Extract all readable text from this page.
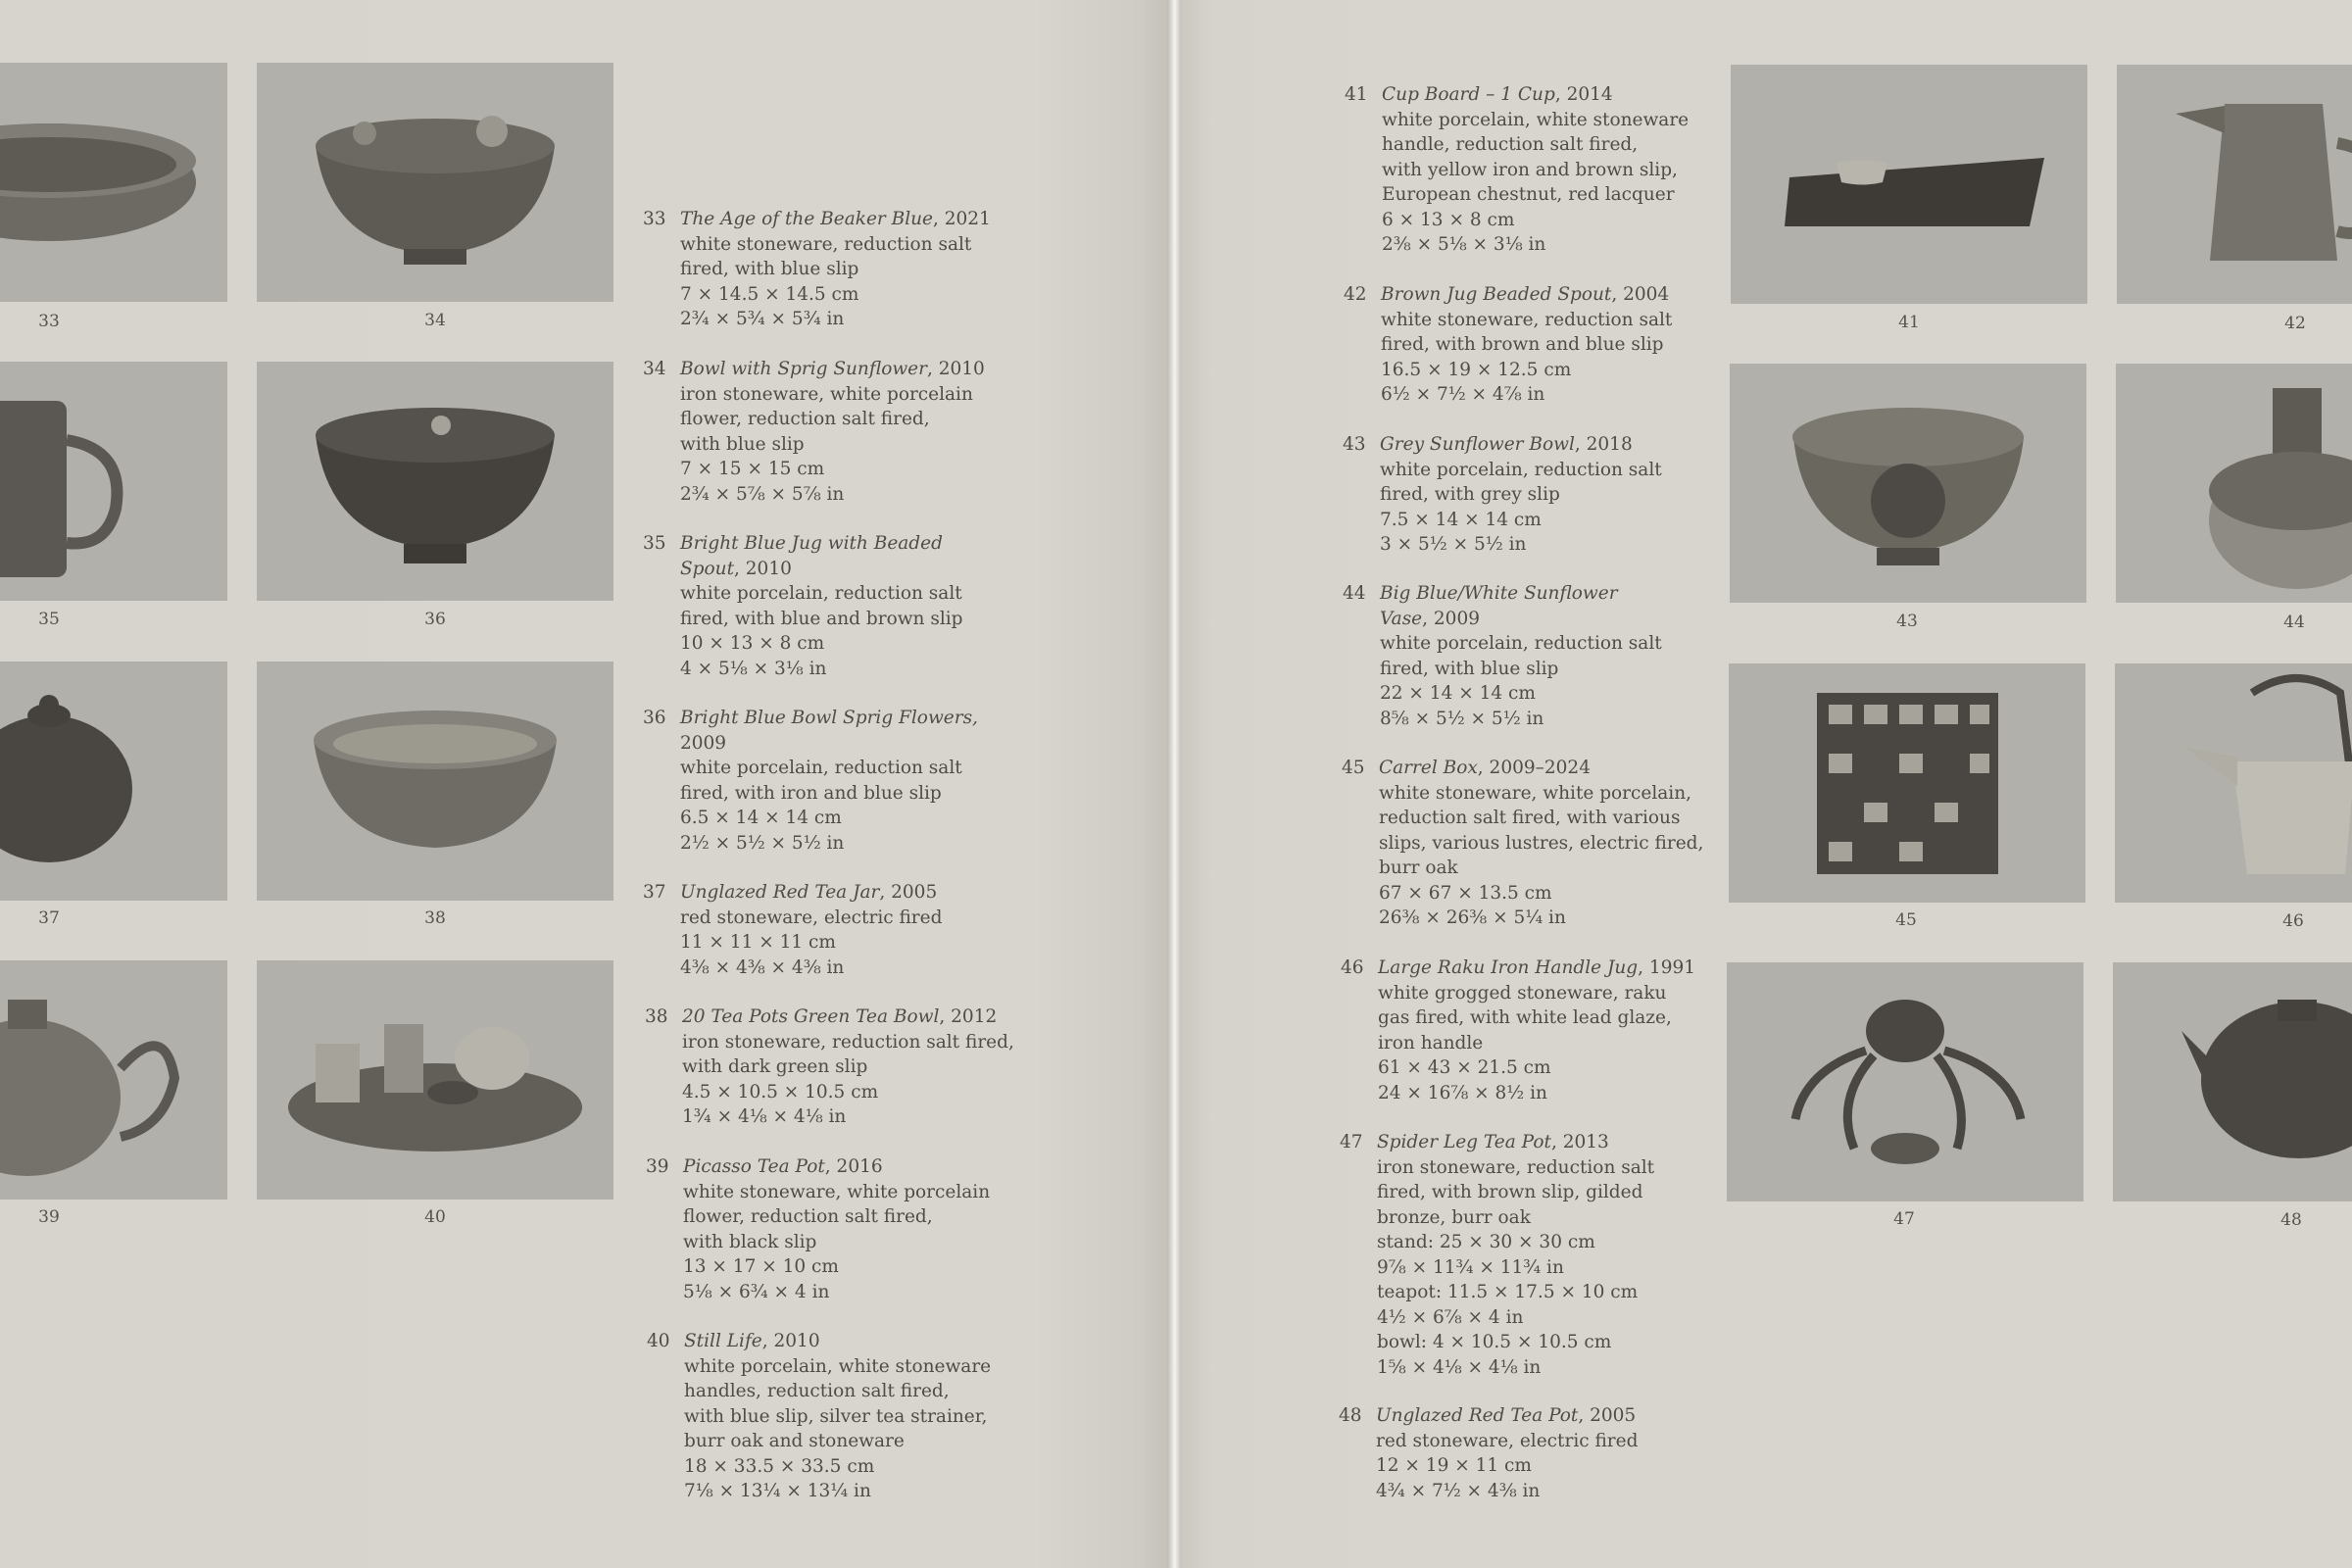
33	34
35	36
37	38
39	40
33 The Age of the Beaker Blue, 2021
white stoneware, reduction salt
fired, with blue slip
7 × 14.5 × 14.5 cm
2¾ × 5¾ × 5¾ in
34 Bowl with Sprig Sunflower, 2010
iron stoneware, white porcelain
flower, reduction salt fired,
with blue slip
7 × 15 × 15 cm
2¾ × 5⅞ × 5⅞ in
35 Bright Blue Jug with Beaded
Spout, 2010
white porcelain, reduction salt
fired, with blue and brown slip
10 × 13 × 8 cm
4 × 5⅛ × 3⅛ in
36 Bright Blue Bowl Sprig Flowers,
2009
white porcelain, reduction salt
fired, with iron and blue slip
6.5 × 14 × 14 cm
2½ × 5½ × 5½ in
37 Unglazed Red Tea Jar, 2005
red stoneware, electric fired
11 × 11 × 11 cm
4⅜ × 4⅜ × 4⅜ in
38 20 Tea Pots Green Tea Bowl, 2012
iron stoneware, reduction salt fired,
with dark green slip
4.5 × 10.5 × 10.5 cm
1¾ × 4⅛ × 4⅛ in
39 Picasso Tea Pot, 2016
white stoneware, white porcelain
flower, reduction salt fired,
with black slip
13 × 17 × 10 cm
5⅛ × 6¾ × 4 in
40 Still Life, 2010
white porcelain, white stoneware
handles, reduction salt fired,
with blue slip, silver tea strainer,
burr oak and stoneware
18 × 33.5 × 33.5 cm
7⅛ × 13¼ × 13¼ in
41 Cup Board – 1 Cup, 2014
white porcelain, white stoneware
handle, reduction salt fired,
with yellow iron and brown slip,
European chestnut, red lacquer
6 × 13 × 8 cm
2⅜ × 5⅛ × 3⅛ in
42 Brown Jug Beaded Spout, 2004
white stoneware, reduction salt
fired, with brown and blue slip
16.5 × 19 × 12.5 cm
6½ × 7½ × 4⅞ in
43 Grey Sunflower Bowl, 2018
white porcelain, reduction salt
fired, with grey slip
7.5 × 14 × 14 cm
3 × 5½ × 5½ in
44 Big Blue/White Sunflower
Vase, 2009
white porcelain, reduction salt
fired, with blue slip
22 × 14 × 14 cm
8⅝ × 5½ × 5½ in
45 Carrel Box, 2009–2024
white stoneware, white porcelain,
reduction salt fired, with various
slips, various lustres, electric fired,
burr oak
67 × 67 × 13.5 cm
26⅜ × 26⅜ × 5¼ in
46 Large Raku Iron Handle Jug, 1991
white grogged stoneware, raku
gas fired, with white lead glaze,
iron handle
61 × 43 × 21.5 cm
24 × 16⅞ × 8½ in
47 Spider Leg Tea Pot, 2013
iron stoneware, reduction salt
fired, with brown slip, gilded
bronze, burr oak
stand: 25 × 30 × 30 cm
9⅞ × 11¾ × 11¾ in
teapot: 11.5 × 17.5 × 10 cm
4½ × 6⅞ × 4 in
bowl: 4 × 10.5 × 10.5 cm
1⅝ × 4⅛ × 4⅛ in
48 Unglazed Red Tea Pot, 2005
red stoneware, electric fired
12 × 19 × 11 cm
4¾ × 7½ × 4⅜ in
41	42
43	44
45	46
47	48
